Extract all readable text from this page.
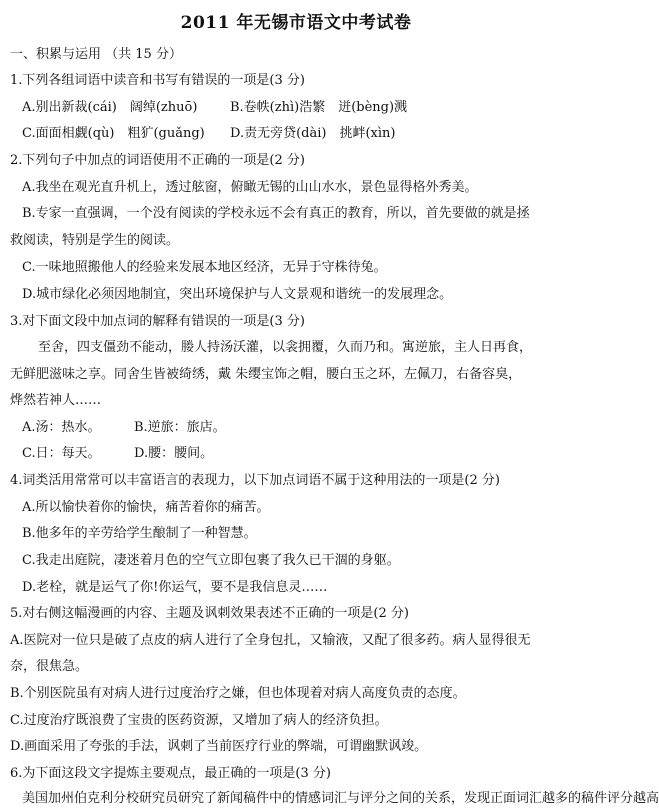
2011 年无锡市语文中考试卷
一、积累与运用 （共 15 分）
1.下列各组词语中读音和书写有错误的一项是(3 分)
A.别出新裁(cái)　阔绰(zhuō)	B.卷帙(zhì)浩繁　迸(bèng)溅
C.面面相觑(qù)　粗犷(guǎng) D.责无旁贷(dài)　挑衅(xìn)
2.下列句子中加点的词语使用不正确的一项是(2 分)
A.我坐在观光直升机上，透过舷窗，俯瞰无锡的山山水水，景色显得格外秀美。
B.专家一直强调，一个没有阅读的学校永远不会有真正的教育，所以，首先要做的就是拯
救阅读，特别是学生的阅读。
C.一味地照搬他人的经验来发展本地区经济，无异于守株待兔。
D.城市绿化必须因地制宜，突出环境保护与人文景观和谐统一的发展理念。
3.对下面文段中加点词的解释有错误的一项是(3 分)
至舍，四支僵劲不能动，媵人持汤沃灌，以衾拥覆，久而乃和。寓逆旅，主人日再食，
无鲜肥滋味之享。同舍生皆被绮绣，戴 朱缨宝饰之帽，腰白玉之环，左佩刀，右备容臭，
烨然若神人……
A.汤：热水。	B.逆旅：旅店。
C.日：每天。	D.腰：腰间。
4.词类活用常常可以丰富语言的表现力，以下加点词语不属于这种用法的一项是(2 分)
A.所以愉快着你的愉快，痛苦着你的痛苦。
B.他多年的辛劳给学生酿制了一种智慧。
C.我走出庭院，凄迷着月色的空气立即包裹了我久已干涸的身躯。
D.老栓，就是运气了你!你运气，要不是我信息灵……
5.对右侧这幅漫画的内容、主题及讽刺效果表述不正确的一项是(2 分)
A.医院对一位只是破了点皮的病人进行了全身包扎，又输液，又配了很多药。病人显得很无
奈，很焦急。
B.个别医院虽有对病人进行过度治疗之嫌，但也体现着对病人高度负责的态度。
C.过度治疗既浪费了宝贵的医药资源，又增加了病人的经济负担。
D.画面采用了夸张的手法，讽刺了当前医疗行业的弊端，可谓幽默讽竣。
6.为下面这段文字提炼主要观点，最正确的一项是(3 分)
美国加州伯克利分校研究员研究了新闻稿件中的情感词汇与评分之间的关系，发现正面词汇越多的稿件评分越高
